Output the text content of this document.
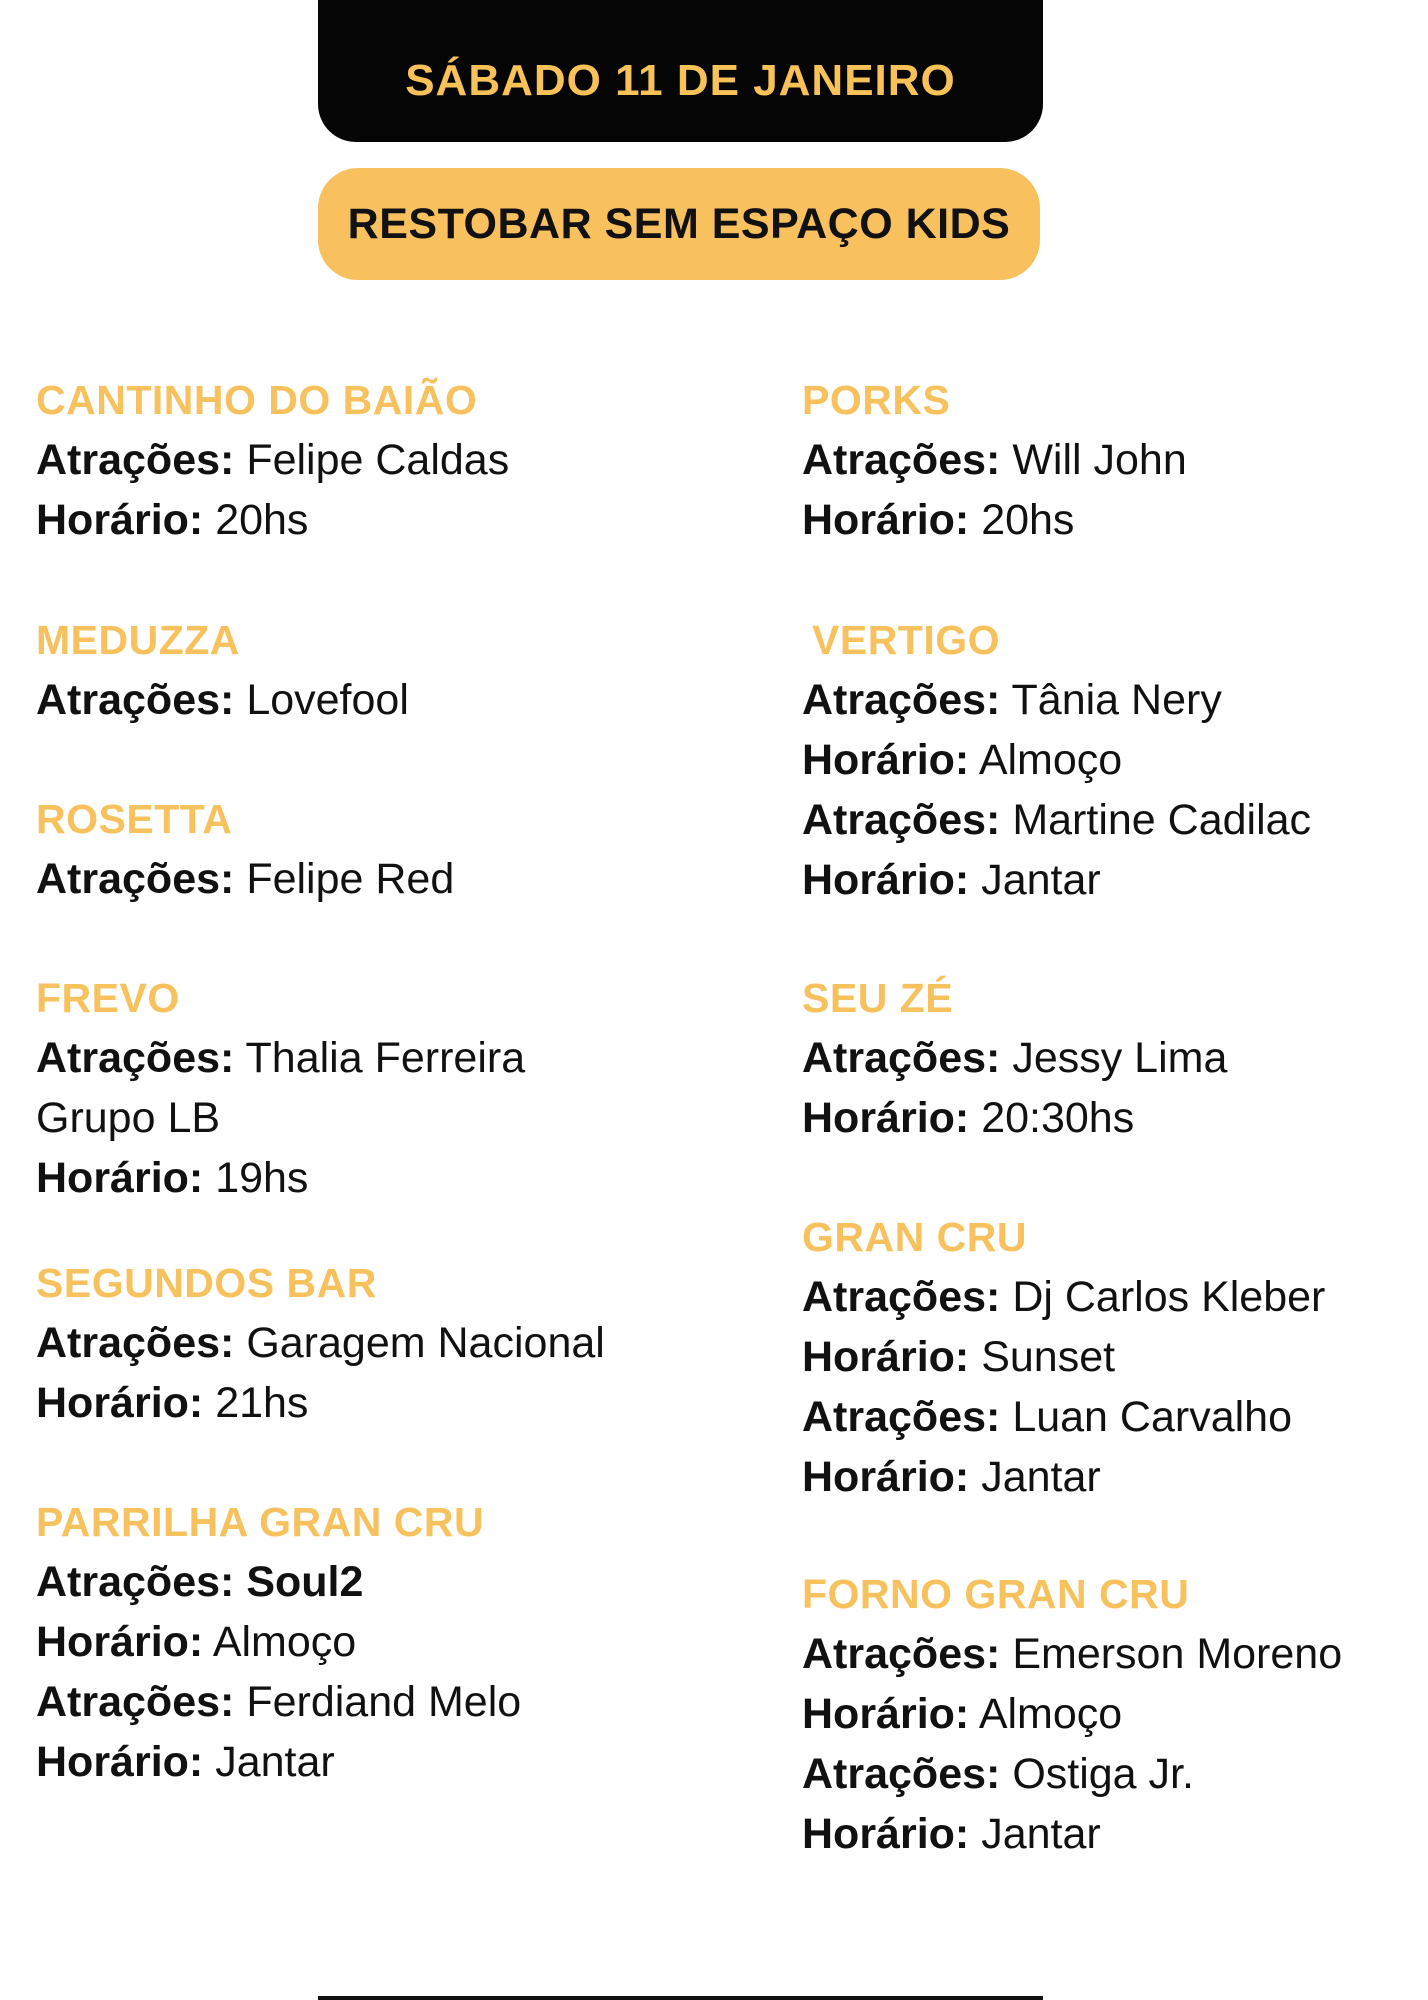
SÁBADO 11 DE JANEIRO
RESTOBAR SEM ESPAÇO KIDS
CANTINHO DO BAIÃO
Atrações: Felipe Caldas
Horário: 20hs
MEDUZZA
Atrações: Lovefool
ROSETTA
Atrações: Felipe Red
FREVO
Atrações: Thalia Ferreira
Grupo LB
Horário: 19hs
SEGUNDOS BAR
Atrações: Garagem Nacional
Horário: 21hs
PARRILHA GRAN CRU
Atrações: Soul2
Horário: Almoço
Atrações: Ferdiand Melo
Horário: Jantar
PORKS
Atrações: Will John
Horário: 20hs
VERTIGO
Atrações: Tânia Nery
Horário: Almoço
Atrações: Martine Cadilac
Horário: Jantar
SEU ZÉ
Atrações: Jessy Lima
Horário: 20:30hs
GRAN CRU
Atrações: Dj Carlos Kleber
Horário: Sunset
Atrações: Luan Carvalho
Horário: Jantar
FORNO GRAN CRU
Atrações: Emerson Moreno
Horário: Almoço
Atrações: Ostiga Jr.
Horário: Jantar
